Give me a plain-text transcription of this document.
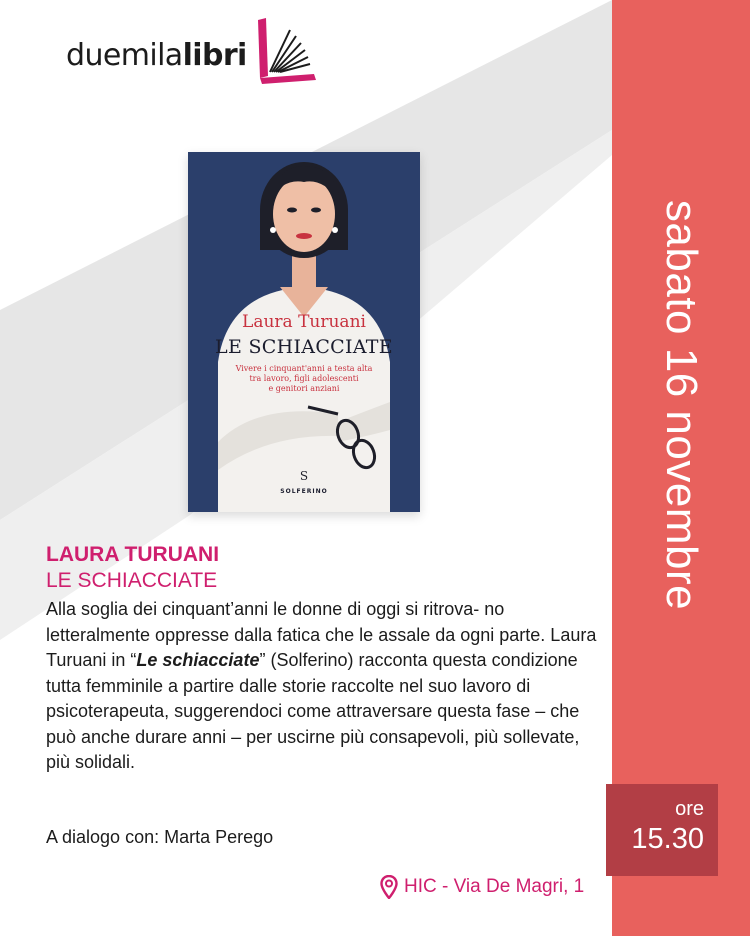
duemilalibri
sabato 16 novembre
ore
15.30
S
Laura Turuani
LE SCHIACCIATE
Vivere i cinquant'anni a testa alta
tra lavoro, figli adolescenti
e genitori anziani
SOLFERINO
LAURA TURUANI
LE SCHIACCIATE
Alla soglia dei cinquant’anni le donne di oggi si ritrova- no letteralmente oppresse dalla fatica che le assale da ogni parte. Laura Turuani in “Le schiacciate” (Solferino) racconta questa condizione tutta femminile a partire dalle storie raccolte nel suo lavoro di psicoterapeuta, suggerendoci come attraversare questa fase – che può anche durare anni – per uscirne più consapevoli, più sollevate, più solidali.
A dialogo con: Marta Perego
HIC - Via De Magri, 1
